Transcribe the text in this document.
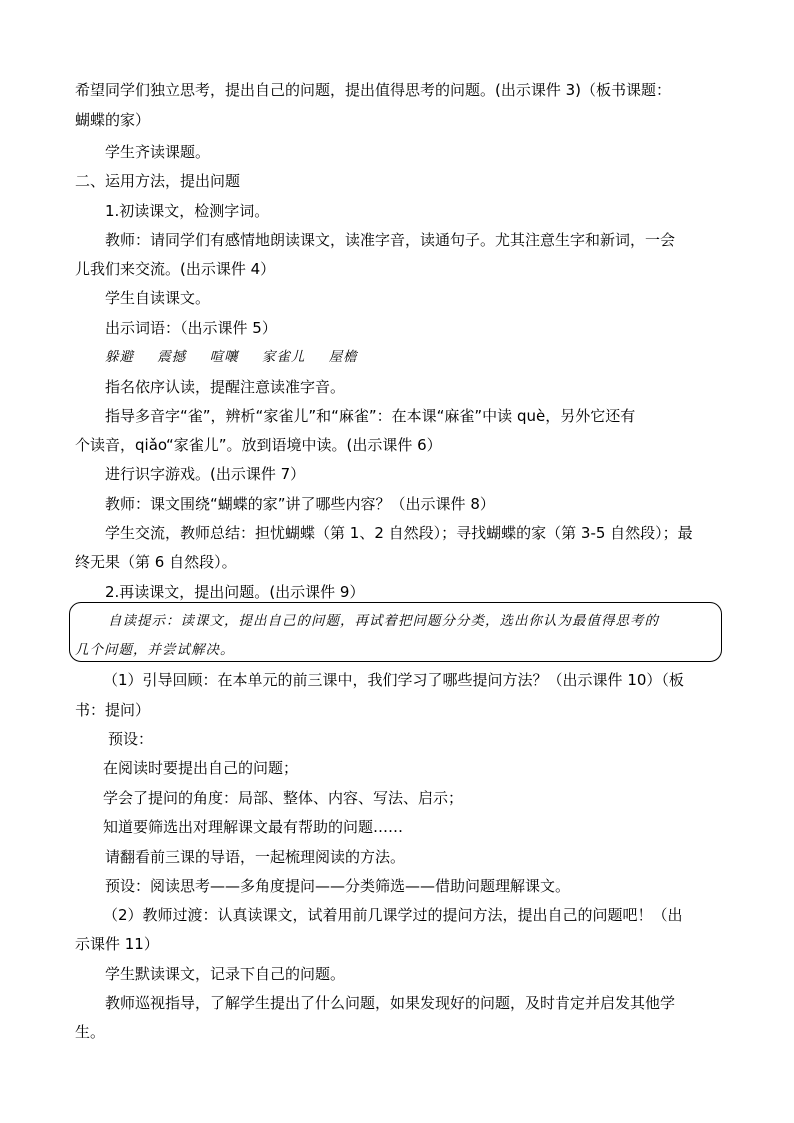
希望同学们独立思考，提出自己的问题，提出值得思考的问题。(出示课件 3)（板书课题：
蝴蝶的家）
学生齐读课题。
二、运用方法，提出问题
1.初读课文，检测字词。
教师：请同学们有感情地朗读课文，读准字音，读通句子。尤其注意生字和新词，一会
儿我们来交流。(出示课件 4）
学生自读课文。
出示词语：（出示课件 5）
躲避 震撼 喧嚷 家雀儿 屋檐
指名依序认读，提醒注意读准字音。
指导多音字“雀”，辨析“家雀儿”和“麻雀”：在本课“麻雀”中读 què，另外它还有
个读音，qiǎo“家雀儿”。放到语境中读。(出示课件 6）
进行识字游戏。(出示课件 7）
教师：课文围绕“蝴蝶的家”讲了哪些内容？（出示课件 8）
学生交流，教师总结：担忧蝴蝶（第 1、2 自然段）；寻找蝴蝶的家（第 3-5 自然段）；最
终无果（第 6 自然段）。
2.再读课文，提出问题。(出示课件 9）
自读提示：读课文，提出自己的问题，再试着把问题分分类，选出你认为最值得思考的
几个问题，并尝试解决。
（1）引导回顾：在本单元的前三课中，我们学习了哪些提问方法？（出示课件 10）（板
书：提问）
预设：
在阅读时要提出自己的问题；
学会了提问的角度：局部、整体、内容、写法、启示；
知道要筛选出对理解课文最有帮助的问题……
请翻看前三课的导语，一起梳理阅读的方法。
预设：阅读思考——多角度提问——分类筛选——借助问题理解课文。
（2）教师过渡：认真读课文，试着用前几课学过的提问方法，提出自己的问题吧！（出
示课件 11）
学生默读课文，记录下自己的问题。
教师巡视指导，了解学生提出了什么问题，如果发现好的问题，及时肯定并启发其他学
生。
